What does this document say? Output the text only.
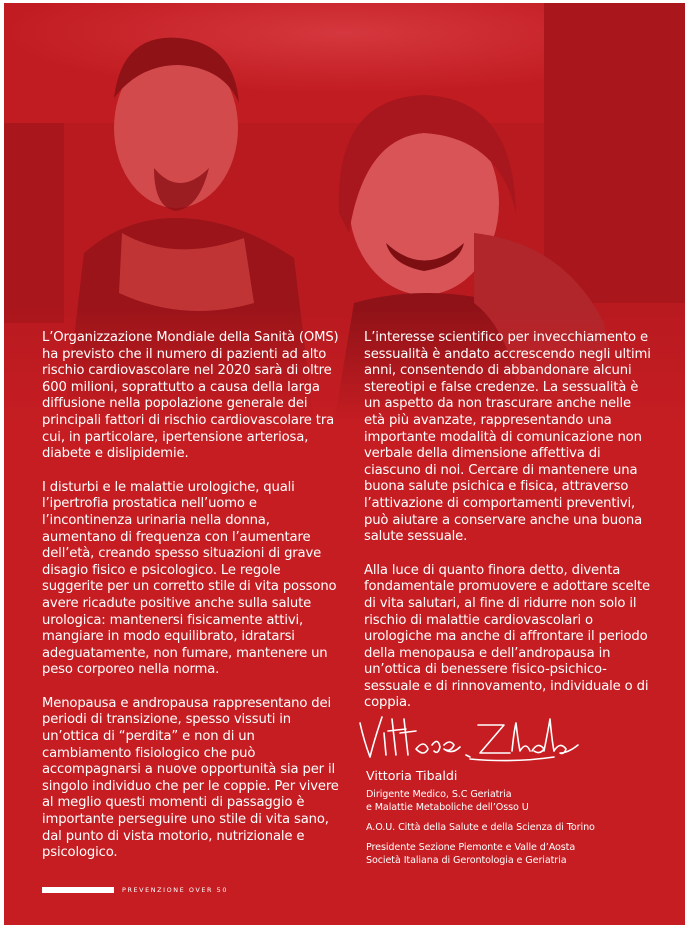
L’Organizzazione Mondiale della Sanità (OMS) ha previsto che il numero di pazienti ad alto rischio cardiovascolare nel 2020 sarà di oltre 600 milioni, soprattutto a causa della larga diffusione nella popolazione generale dei principali fattori di rischio cardiovascolare tra cui, in particolare, ipertensione arteriosa, diabete e dislipidemie.

I disturbi e le malattie urologiche, quali l’ipertrofia prostatica nell’uomo e l’incontinenza urinaria nella donna, aumentano di frequenza con l’aumentare dell’età, creando spesso situazioni di grave disagio fisico e psicologico. Le regole suggerite per un corretto stile di vita possono avere ricadute positive anche sulla salute urologica: mantenersi fisicamente attivi, mangiare in modo equilibrato, idratarsi adeguatamente, non fumare, mantenere un peso corporeo nella norma.

Menopausa e andropausa rappresentano dei periodi di transizione, spesso vissuti in un’ottica di “perdita” e non di un cambiamento fisiologico che può accompagnarsi a nuove opportunità sia per il singolo individuo che per le coppie. Per vivere al meglio questi momenti di passaggio è importante perseguire uno stile di vita sano, dal punto di vista motorio, nutrizionale e psicologico.

L’interesse scientifico per invecchiamento e sessualità è andato accrescendo negli ultimi anni, consentendo di abbandonare alcuni stereotipi e false credenze. La sessualità è un aspetto da non trascurare anche nelle età più avanzate, rappresentando una importante modalità di comunicazione non verbale della dimensione affettiva di ciascuno di noi. Cercare di mantenere una buona salute psichica e fisica, attraverso l’attivazione di comportamenti preventivi, può aiutare a conservare anche una buona salute sessuale.

Alla luce di quanto finora detto, diventa fondamentale promuovere e adottare scelte di vita salutari, al fine di ridurre non solo il rischio di malattie cardiovascolari o urologiche ma anche di affrontare il periodo della menopausa e dell’andropausa in un’ottica di benessere fisico-psichico-sessuale e di rinnovamento, individuale o di coppia.

Vittoria Tibaldi
Dirigente Medico, S.C Geriatria
e Malattie Metaboliche dell’Osso U
A.O.U. Città della Salute e della Scienza di Torino
Presidente Sezione Piemonte e Valle d’Aosta
Società Italiana di Gerontologia e Geriatria
PREVENZIONE OVER 50
